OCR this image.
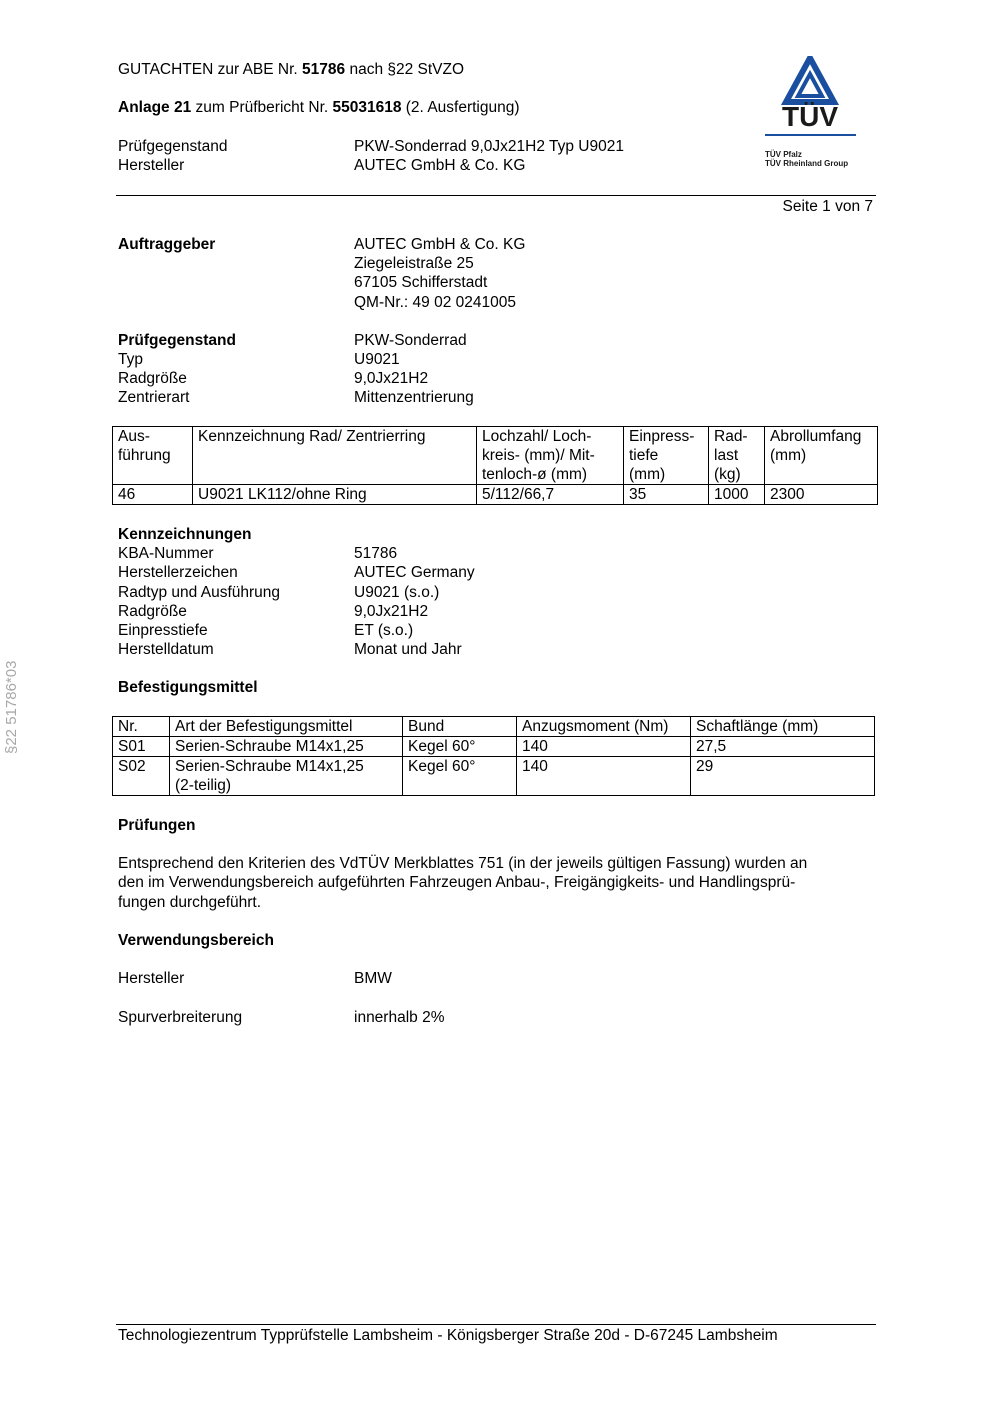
GUTACHTEN zur ABE Nr. 51786 nach §22 StVZO
Anlage 21 zum Prüfbericht Nr. 55031618 (2. Ausfertigung)
Prüfgegenstand	PKW-Sonderrad 9,0Jx21H2 Typ U9021
Hersteller	AUTEC GmbH & Co. KG
TÜV
TÜV Pfalz
TÜV Rheinland Group
Seite 1 von 7
§22 51786*03
Auftraggeber	AUTEC GmbH & Co. KG
Ziegeleistraße 25
67105 Schifferstadt
QM-Nr.: 49 02 0241005
Prüfgegenstand	PKW-Sonderrad
Typ	U9021
Radgröße	9,0Jx21H2
Zentrierart	Mittenzentrierung
Aus-
führung	Kennzeichnung Rad/ Zentrierring	Lochzahl/ Loch-
kreis- (mm)/ Mit-
tenloch-ø (mm)	Einpress-
tiefe
(mm)	Rad-
last
(kg)	Abrollumfang
(mm)
46	U9021 LK112/ohne Ring	5/112/66,7	35	1000	2300
Kennzeichnungen
KBA-Nummer	51786
Herstellerzeichen	AUTEC Germany
Radtyp und Ausführung	U9021 (s.o.)
Radgröße	9,0Jx21H2
Einpresstiefe	ET (s.o.)
Herstelldatum	Monat und Jahr
Befestigungsmittel
Nr.	Art der Befestigungsmittel	Bund	Anzugsmoment (Nm)	Schaftlänge (mm)
S01	Serien-Schraube M14x1,25	Kegel 60°	140	27,5
S02	Serien-Schraube M14x1,25
(2-teilig)	Kegel 60°	140	29
Prüfungen
Entsprechend den Kriterien des VdTÜV Merkblattes 751 (in der jeweils gültigen Fassung) wurden an
den im Verwendungsbereich aufgeführten Fahrzeugen Anbau-, Freigängigkeits- und Handlingsprü-
fungen durchgeführt.
Verwendungsbereich
Hersteller	BMW
Spurverbreiterung	innerhalb 2%
Technologiezentrum Typprüfstelle Lambsheim - Königsberger Straße 20d - D-67245 Lambsheim
